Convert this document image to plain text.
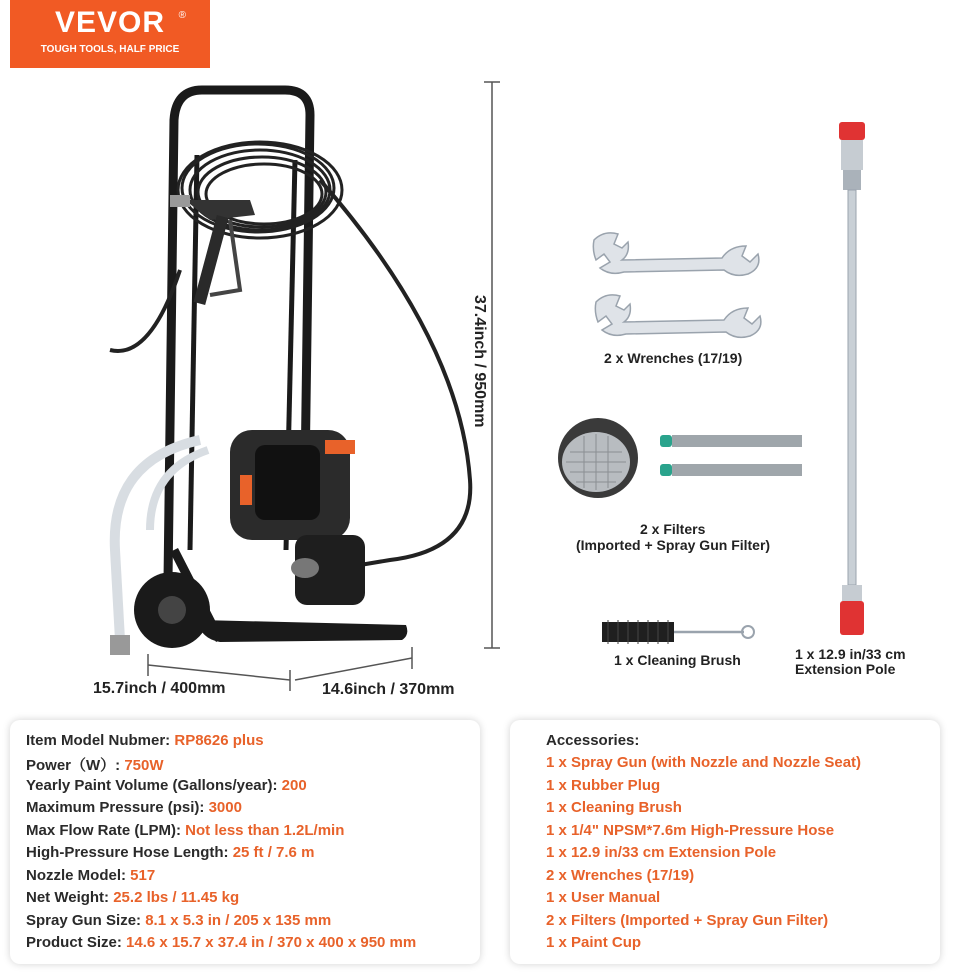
VEVOR	®
TOUGH TOOLS, HALF PRICE
37.4inch / 950mm
15.7inch / 400mm	14.6inch / 370mm
2 x Wrenches (17/19)
2 x Filters
(Imported + Spray Gun Filter)
1 x Cleaning Brush	1 x 12.9 in/33 cm
Extension Pole
Item Model Nubmer: RP8626 plus
Power（W）: 750W
Yearly Paint Volume (Gallons/year): 200
Maximum Pressure (psi): 3000
Max Flow Rate (LPM): Not less than 1.2L/min
High-Pressure Hose Length: 25 ft / 7.6 m
Nozzle Model: 517
Net Weight: 25.2 lbs / 11.45 kg
Spray Gun Size: 8.1 x 5.3 in / 205 x 135 mm
Product Size: 14.6 x 15.7 x 37.4 in / 370 x 400 x 950 mm
Accessories:
1 x Spray Gun (with Nozzle and Nozzle Seat)
1 x Rubber Plug
1 x Cleaning Brush
1 x 1/4" NPSM*7.6m High-Pressure Hose
1 x 12.9 in/33 cm Extension Pole
2 x Wrenches (17/19)
1 x User Manual
2 x Filters (Imported + Spray Gun Filter)
1 x Paint Cup
